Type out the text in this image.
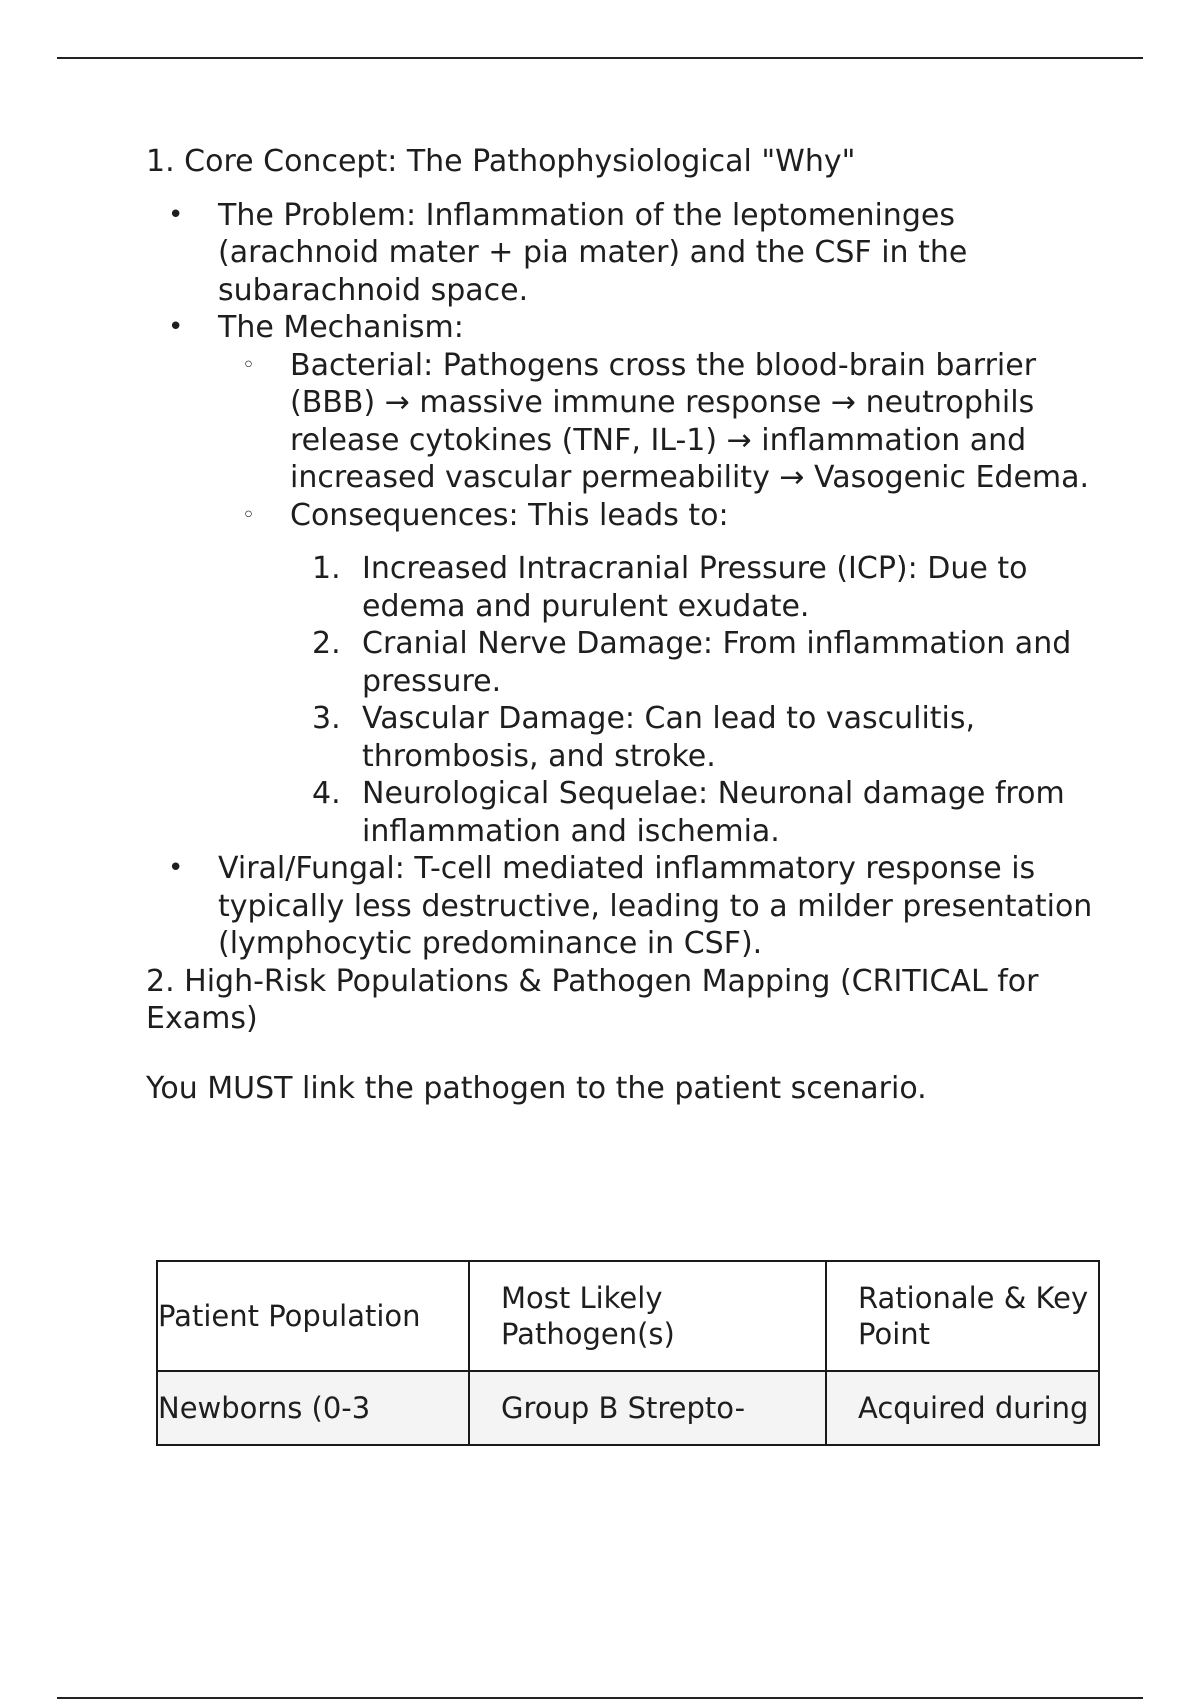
1. Core Concept: The Pathophysiological "Why"

• The Problem: Inflammation of the leptomeninges (arachnoid mater + pia mater) and the CSF in the subarachnoid space.
• The Mechanism:
◦ Bacterial: Pathogens cross the blood-brain barrier (BBB) → massive immune response → neutrophils release cytokines (TNF, IL-1) → inflammation and increased vascular permeability → Vasogenic Edema.
◦ Consequences: This leads to:
1. Increased Intracranial Pressure (ICP): Due to edema and purulent exudate.
2. Cranial Nerve Damage: From inflammation and pressure.
3. Vascular Damage: Can lead to vasculitis, thrombosis, and stroke.
4. Neurological Sequelae: Neuronal damage from inflammation and ischemia.
• Viral/Fungal: T-cell mediated inflammatory response is typically less destructive, leading to a milder presentation (lymphocytic predominance in CSF).

2. High-Risk Populations & Pathogen Mapping (CRITICAL for Exams)

You MUST link the pathogen to the patient scenario.

Patient Population	Most Likely Pathogen(s)	Rationale & Key Point
Newborns (0-3	Group B Strepto-	Acquired during
